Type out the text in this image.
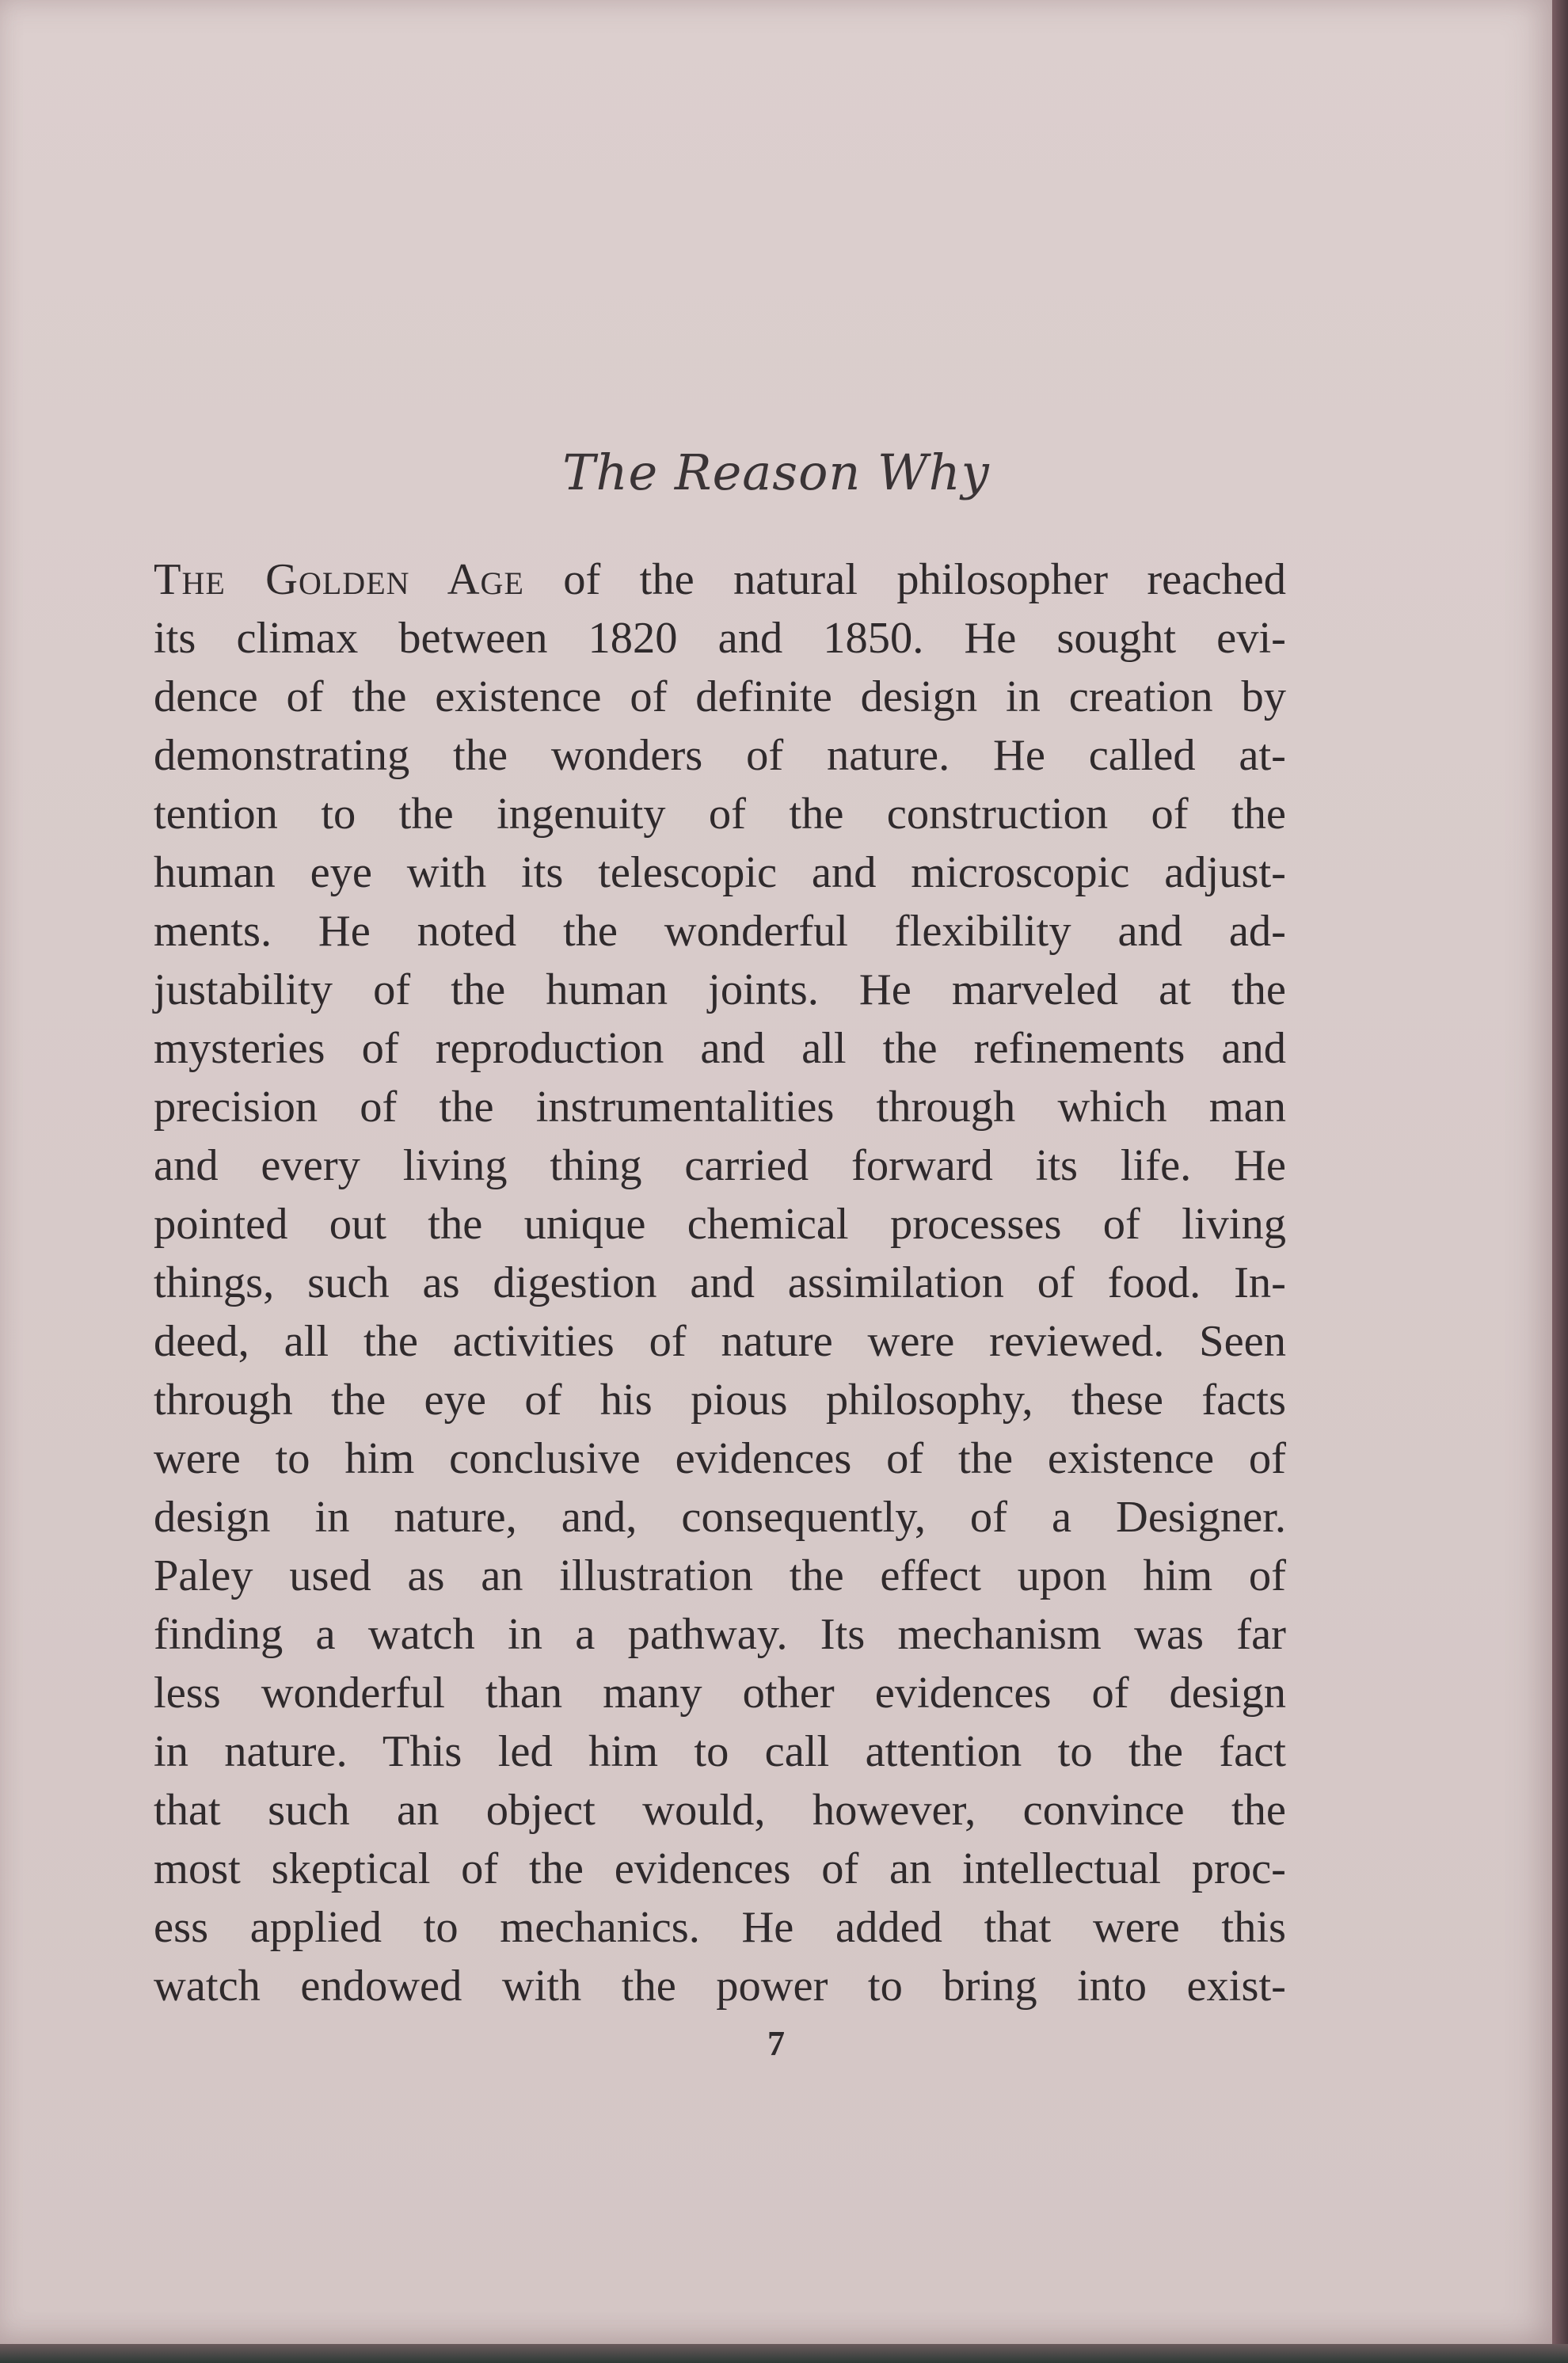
The Reason Why
The Golden Age of the natural philosopher reached
its climax between 1820 and 1850. He sought evi-
dence of the existence of definite design in creation by
demonstrating the wonders of nature. He called at-
tention to the ingenuity of the construction of the
human eye with its telescopic and microscopic adjust-
ments. He noted the wonderful flexibility and ad-
justability of the human joints. He marveled at the
mysteries of reproduction and all the refinements and
precision of the instrumentalities through which man
and every living thing carried forward its life. He
pointed out the unique chemical processes of living
things, such as digestion and assimilation of food. In-
deed, all the activities of nature were reviewed. Seen
through the eye of his pious philosophy, these facts
were to him conclusive evidences of the existence of
design in nature, and, consequently, of a Designer.
Paley used as an illustration the effect upon him of
finding a watch in a pathway. Its mechanism was far
less wonderful than many other evidences of design
in nature. This led him to call attention to the fact
that such an object would, however, convince the
most skeptical of the evidences of an intellectual proc-
ess applied to mechanics. He added that were this
watch endowed with the power to bring into exist-
7
